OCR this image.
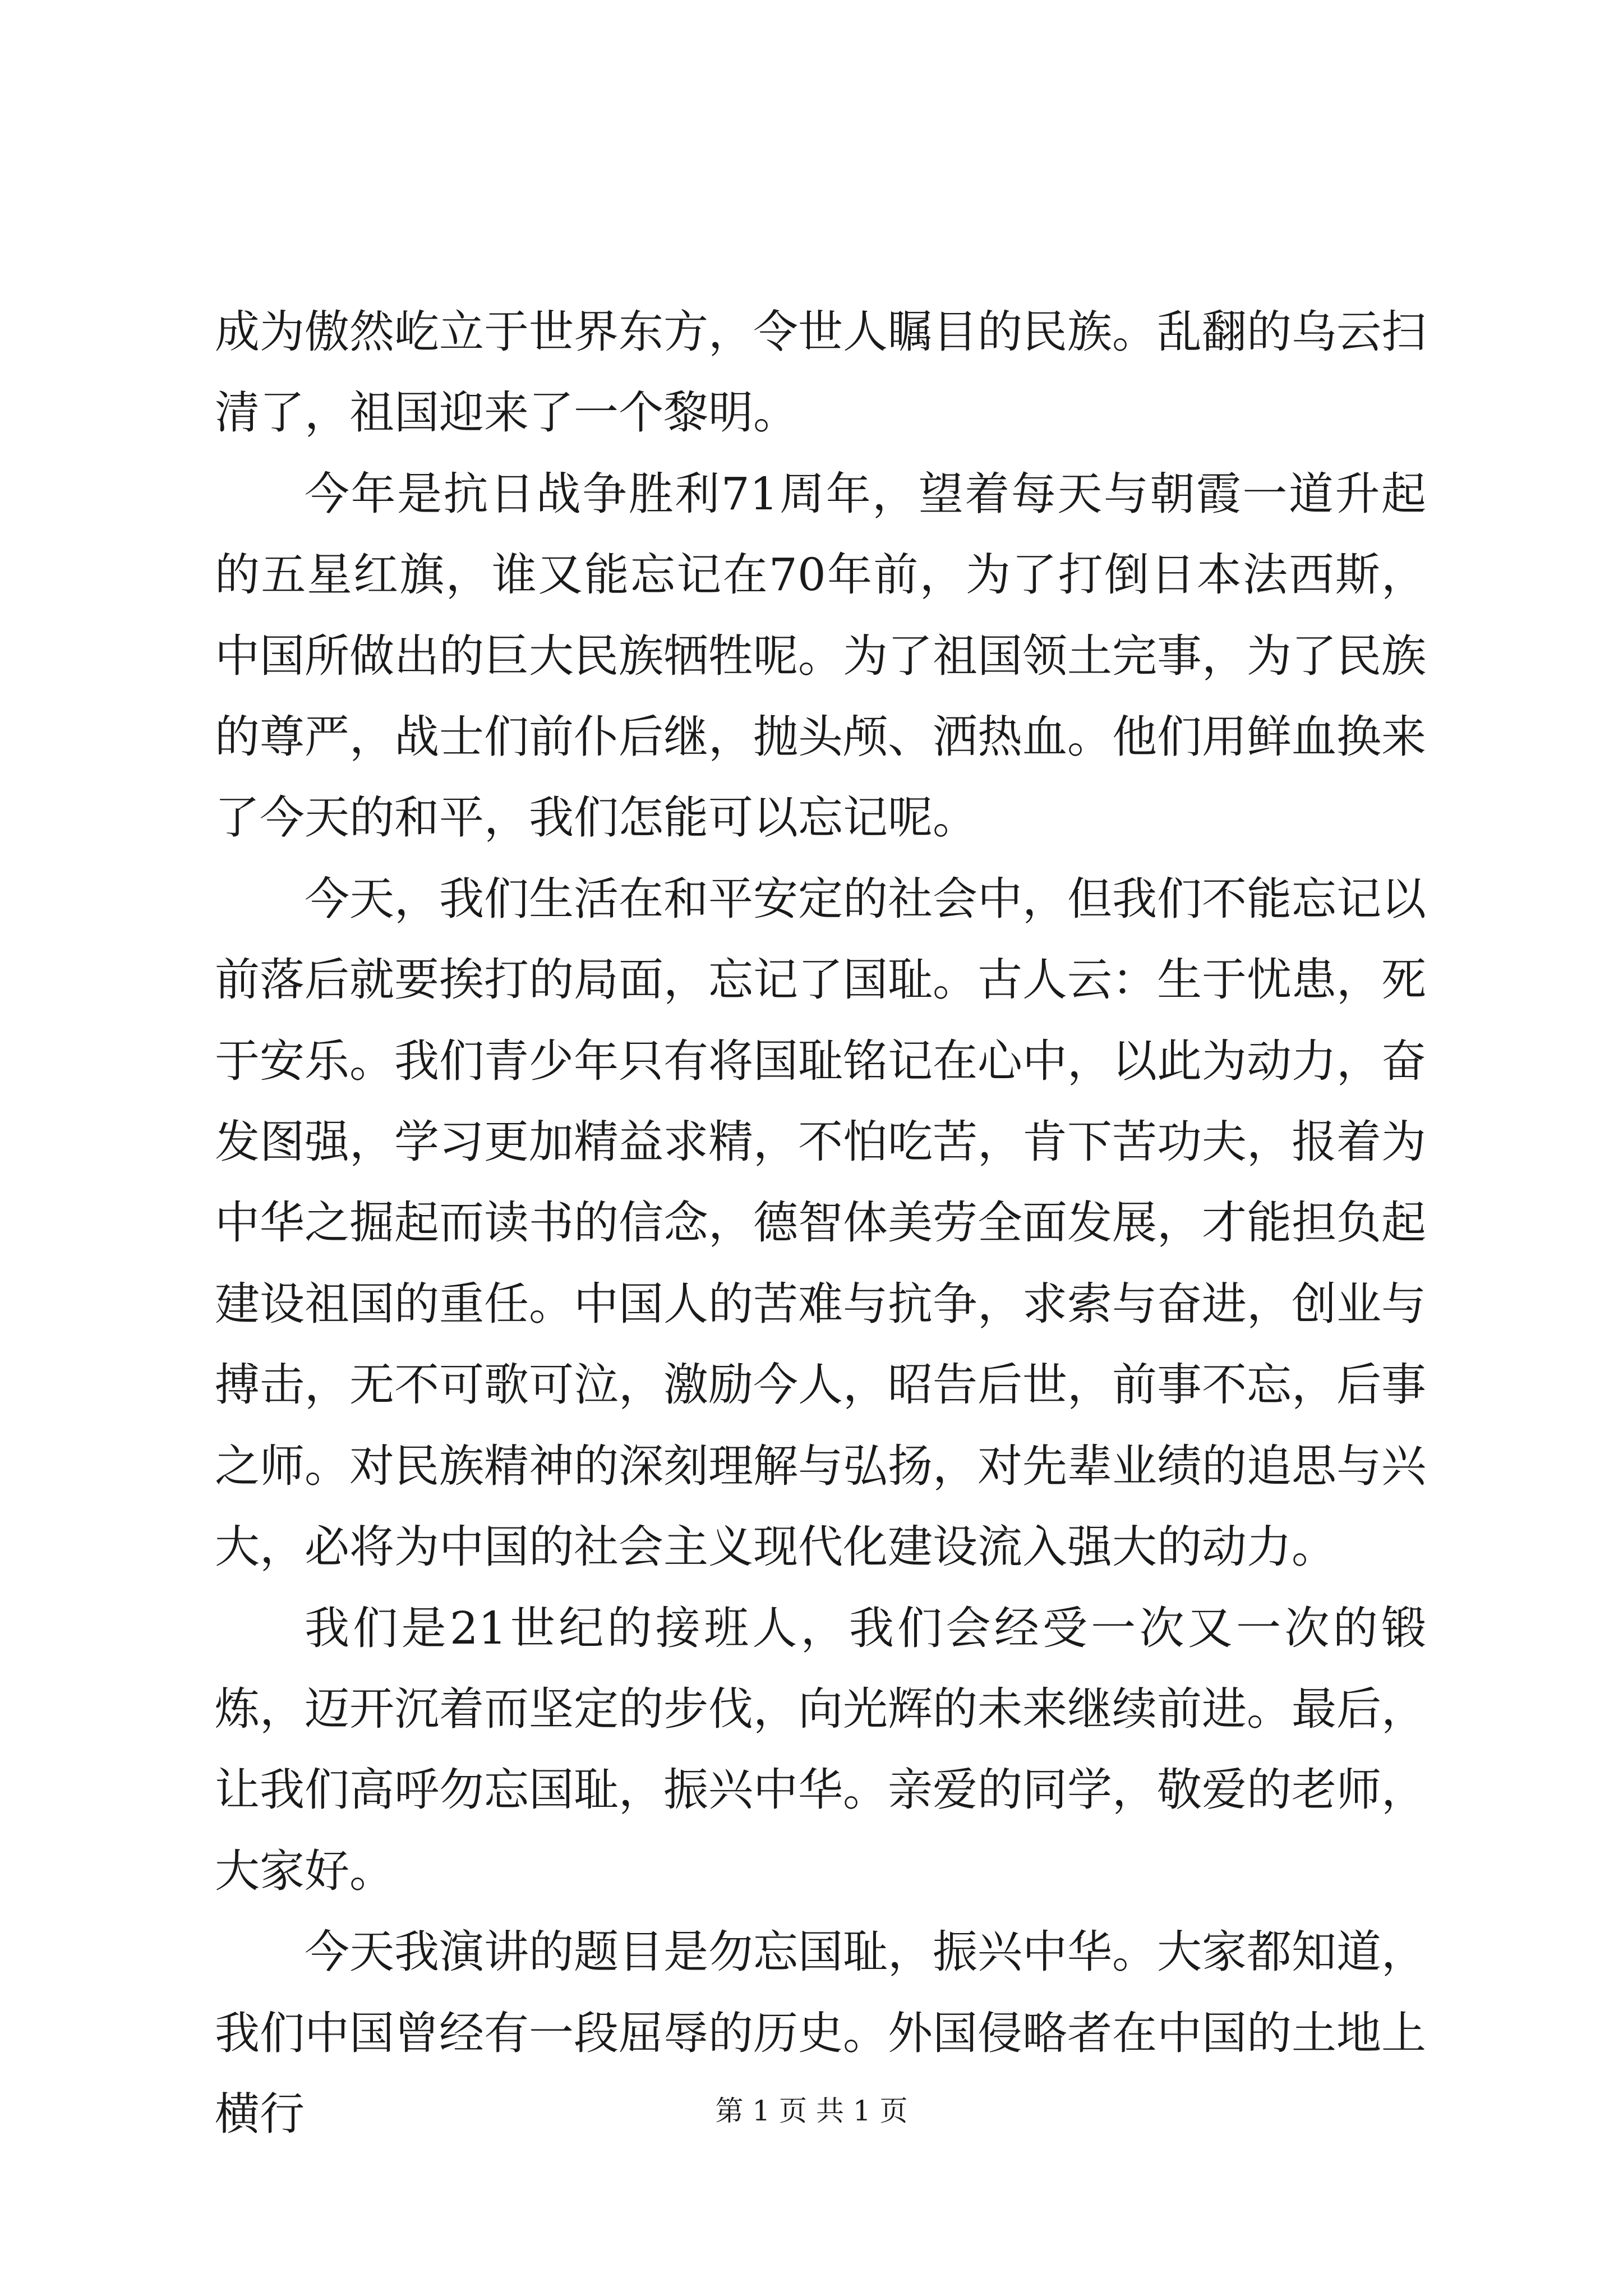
成为傲然屹立于世界东方，令世人瞩目的民族。乱翻的乌云扫清了，祖国迎来了一个黎明。

今年是抗日战争胜利71周年，望着每天与朝霞一道升起的五星红旗，谁又能忘记在70年前，为了打倒日本法西斯，中国所做出的巨大民族牺牲呢。为了祖国领土完事，为了民族的尊严，战士们前仆后继，抛头颅、洒热血。他们用鲜血换来了今天的和平，我们怎能可以忘记呢。

今天，我们生活在和平安定的社会中，但我们不能忘记以前落后就要挨打的局面，忘记了国耻。古人云：生于忧患，死于安乐。我们青少年只有将国耻铭记在心中，以此为动力，奋发图强，学习更加精益求精，不怕吃苦，肯下苦功夫，报着为中华之掘起而读书的信念，德智体美劳全面发展，才能担负起建设祖国的重任。中国人的苦难与抗争，求索与奋进，创业与搏击，无不可歌可泣，激励今人，昭告后世，前事不忘，后事之师。对民族精神的深刻理解与弘扬，对先辈业绩的追思与兴大，必将为中国的社会主义现代化建设流入强大的动力。

我们是21世纪的接班人，我们会经受一次又一次的锻炼，迈开沉着而坚定的步伐，向光辉的未来继续前进。最后，让我们高呼勿忘国耻，振兴中华。亲爱的同学，敬爱的老师，大家好。

今天我演讲的题目是勿忘国耻，振兴中华。大家都知道，我们中国曾经有一段屈辱的历史。外国侵略者在中国的土地上横行	第 1 页 共 1 页
